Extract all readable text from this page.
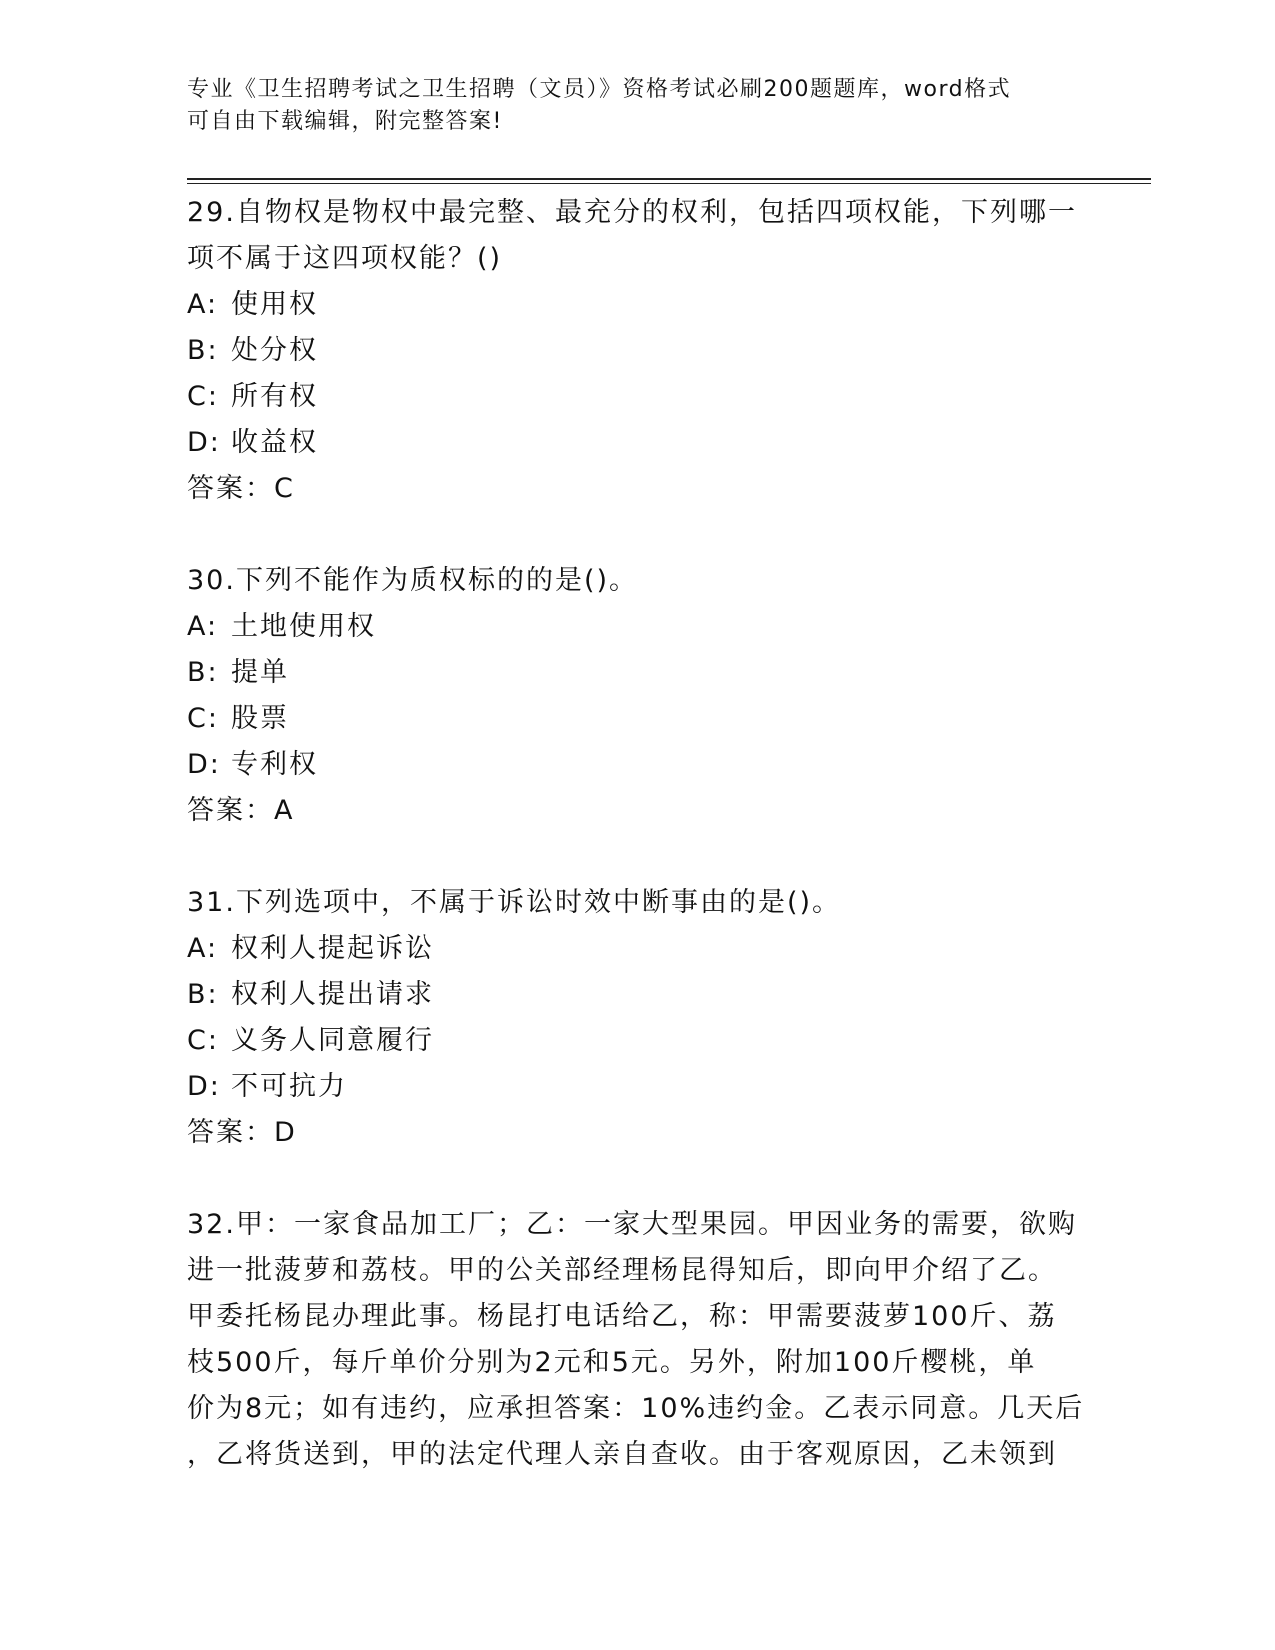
专业《卫生招聘考试之卫生招聘（文员）》资格考试必刷200题题库，word格式
可自由下载编辑，附完整答案!
29.自物权是物权中最完整、最充分的权利，包括四项权能，下列哪一
项不属于这四项权能？()
A: 使用权
B: 处分权
C: 所有权
D: 收益权
答案：C
30.下列不能作为质权标的的是()。
A: 土地使用权
B: 提单
C: 股票
D: 专利权
答案：A
31.下列选项中，不属于诉讼时效中断事由的是()。
A: 权利人提起诉讼
B: 权利人提出请求
C: 义务人同意履行
D: 不可抗力
答案：D
32.甲：一家食品加工厂；乙：一家大型果园。甲因业务的需要，欲购
进一批菠萝和荔枝。甲的公关部经理杨昆得知后，即向甲介绍了乙。
甲委托杨昆办理此事。杨昆打电话给乙，称：甲需要菠萝100斤、荔
枝500斤，每斤单价分别为2元和5元。另外，附加100斤樱桃，单
价为8元；如有违约，应承担答案：10%违约金。乙表示同意。几天后
，乙将货送到，甲的法定代理人亲自查收。由于客观原因，乙未领到
